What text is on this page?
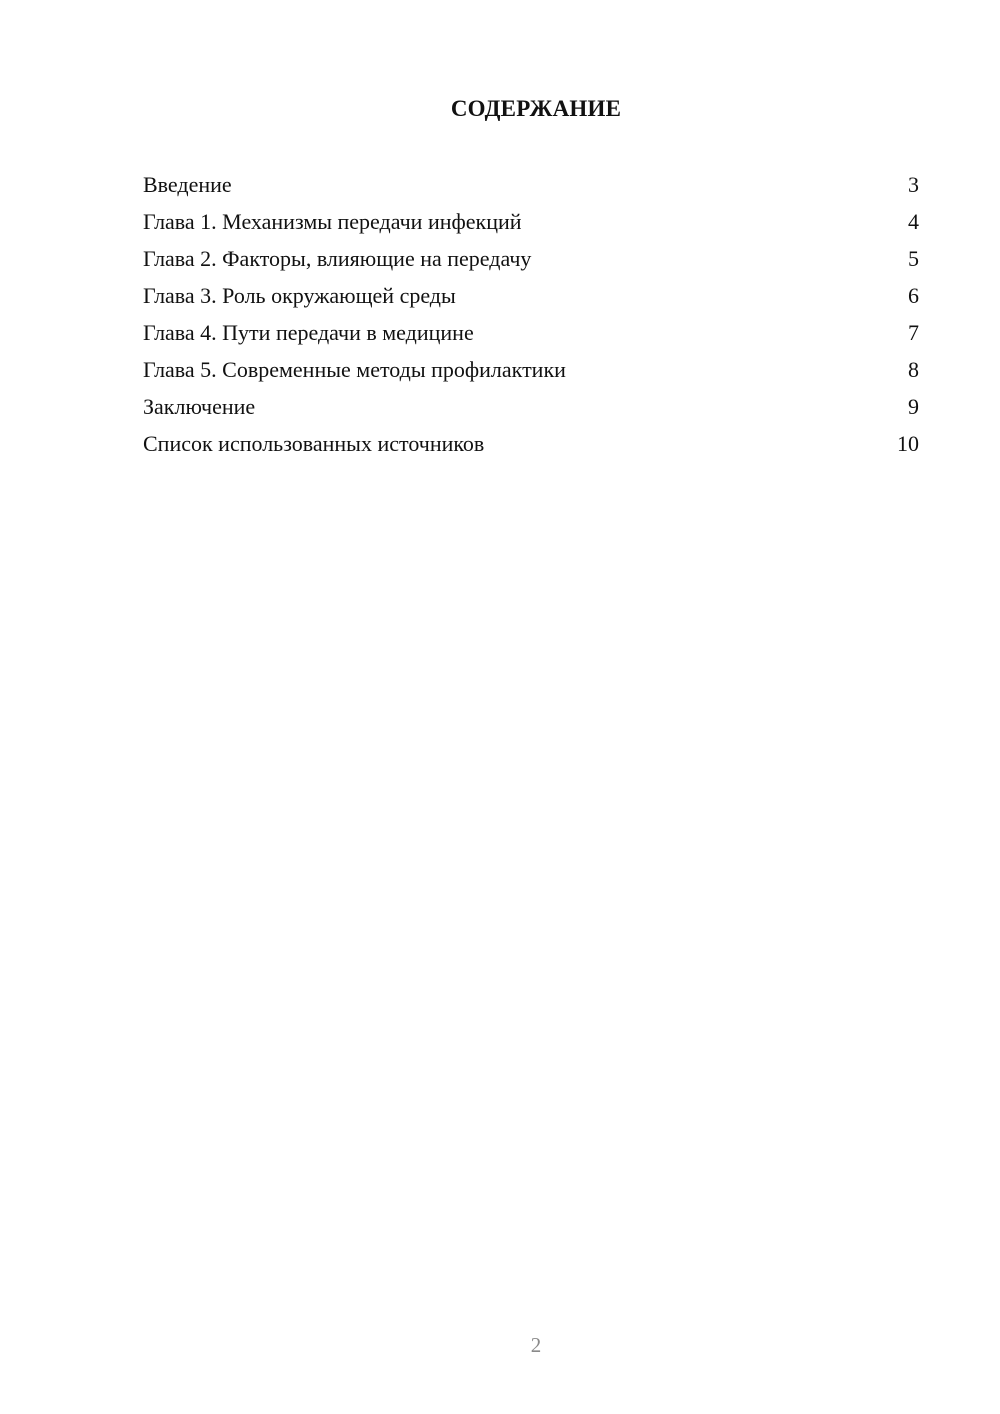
СОДЕРЖАНИЕ
Введение	3
Глава 1. Механизмы передачи инфекций	4
Глава 2. Факторы, влияющие на передачу	5
Глава 3. Роль окружающей среды	6
Глава 4. Пути передачи в медицине	7
Глава 5. Современные методы профилактики	8
Заключение	9
Список использованных источников	10
2
